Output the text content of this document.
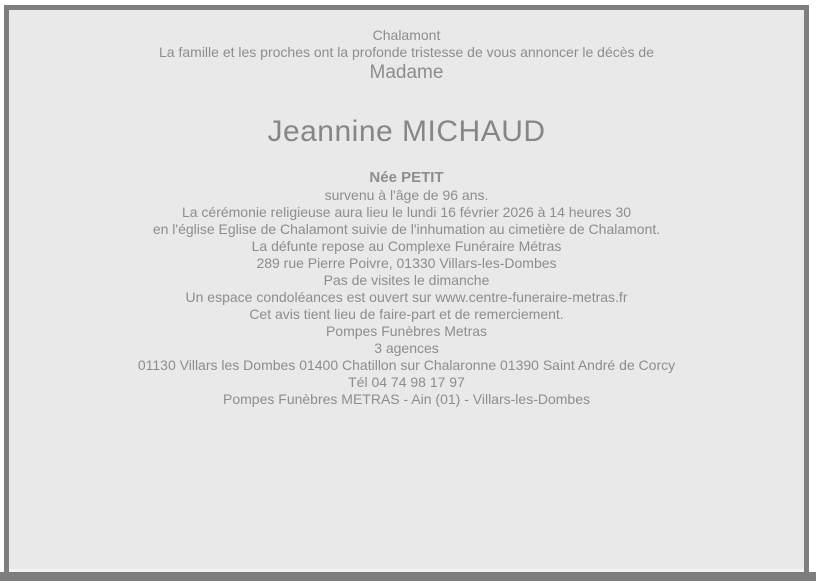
Chalamont

La famille et les proches ont la profonde tristesse de vous annoncer le décès de

Madame

Jeannine MICHAUD

Née PETIT

survenu à l'âge de 96 ans.

La cérémonie religieuse aura lieu le lundi 16 février 2026 à 14 heures 30
en l'église Eglise de Chalamont suivie de l'inhumation au cimetière de Chalamont.

La défunte repose au Complexe Funéraire Métras
289 rue Pierre Poivre, 01330 Villars-les-Dombes
Pas de visites le dimanche

Un espace condoléances est ouvert sur www.centre-funeraire-metras.fr

Cet avis tient lieu de faire-part et de remerciement.

Pompes Funèbres Metras
3 agences

01130 Villars les Dombes 01400 Chatillon sur Chalaronne 01390 Saint André de Corcy

Tél 04 74 98 17 97

Pompes Funèbres METRAS - Ain (01) - Villars-les-Dombes
